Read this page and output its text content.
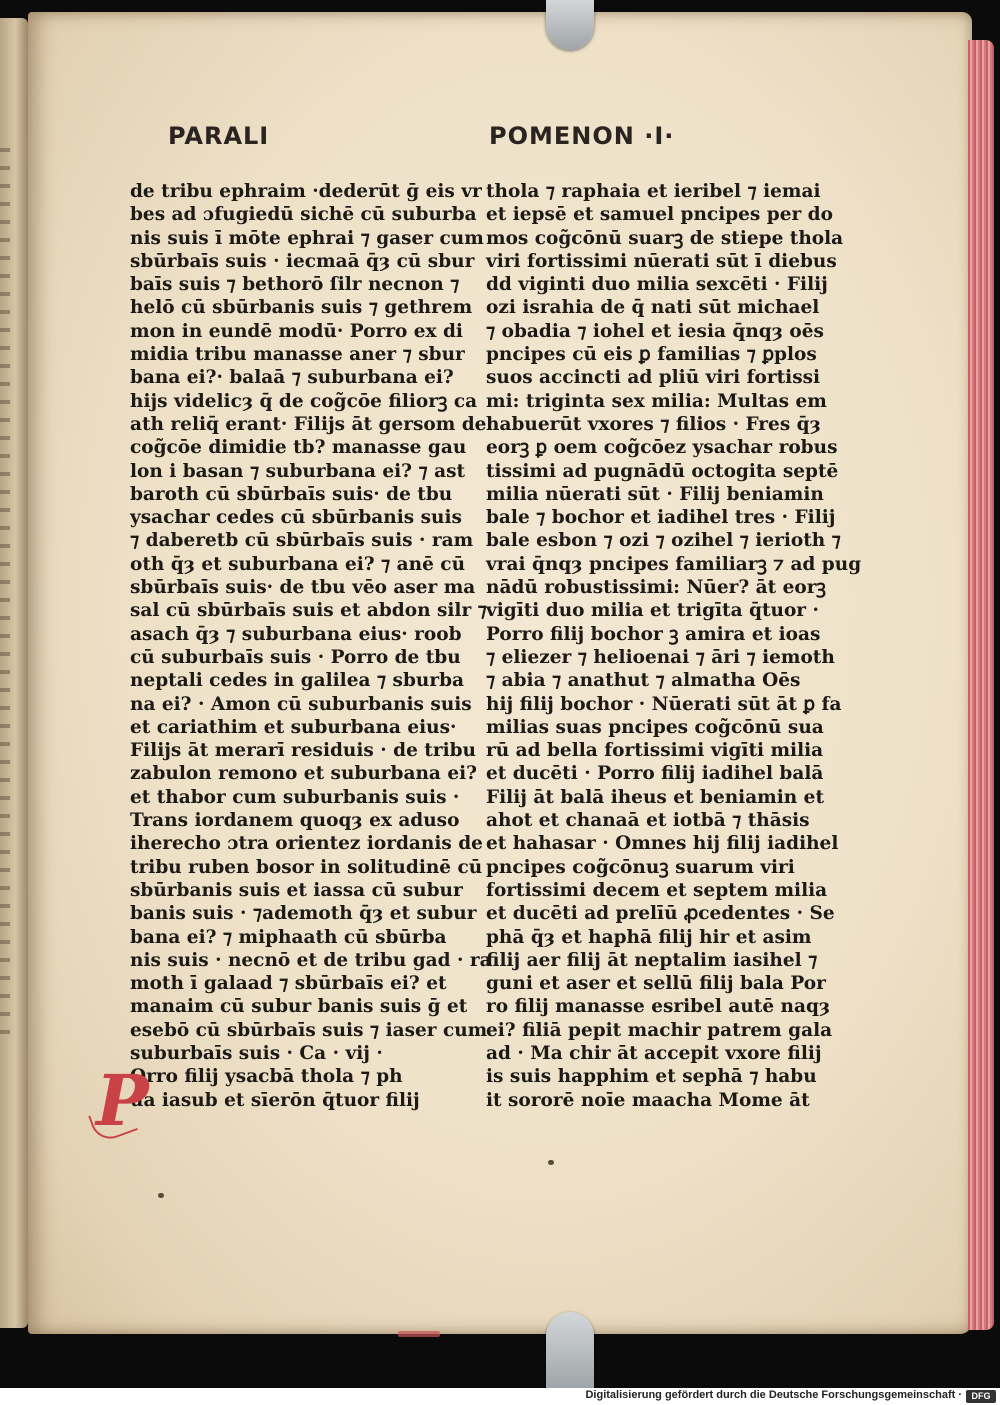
PARALI	POMENON ·I·
de tribu ephraim ·dederūt ḡ eis vr
bes ad ɔfugiedū sichē cū suburba
nis suis ī mōte ephrai ⁊ gaser cum
sbūrbaīs suis · iecmaā q̄ȝ cū sbur
baīs suis ⁊ bethorō ſilr necnon ⁊
helō cū sbūrbanis suis ⁊ gethrem
mon in eundē modū· Porro ex di
midia tribu manasse aner ⁊ sbur
bana ei?· balaā ⁊ suburbana ei?
hijs videlicȝ q̄ de cog̃cōe filiorꝫ ca
ath reliq̄ erant· Filijs āt gersom de
cog̃cōe dimidie tb? manasse gau
lon i basan ⁊ suburbana ei? ⁊ ast
baroth cū sbūrbaīs suis· de tbu
ysachar cedes cū sbūrbanis suis
⁊ daberetb cū sbūrbaīs suis · ram
oth q̄ȝ et suburbana ei? ⁊ anē cū
sbūrbaīs suis· de tbu vēo aser ma
sal cū sbūrbaīs suis et abdon silr ⁊
asach q̄ȝ ⁊ suburbana eius· roob
cū suburbaīs suis · Porro de tbu
neptali cedes in galilea ⁊ sburba
na ei? · Amon cū suburbanis suis
et cariathim et suburbana eius·
Filijs āt merarī residuis · de tribu
zabulon remono et suburbana ei?
et thabor cum suburbanis suis ·
Trans iordanem quoqȝ ex aduso
iherecho ɔtra orientez iordanis de
tribu ruben bosor in solitudinē cū
sbūrbanis suis et iassa cū subur
banis suis · ⁊ademoth q̄ȝ et subur
bana ei? ⁊ miphaath cū sbūrba
nis suis · necnō et de tribu gad · ra
moth ī galaad ⁊ sbūrbaīs ei? et
manaim cū subur banis suis ḡ et
esebō cū sbūrbaīs suis ⁊ iaser cum
suburbaīs suis · Ca · vij ·
Orro filij ysacbā thola ⁊ ph
ua iasub et sīerōn q̄tuor filij
thola ⁊ raphaia et ieribel ⁊ iemai
et iepsē et samuel pncipes per do
mos cog̃cōnū suarꝫ de stiepe thola
viri fortissimi nūerati sūt ī diebus
dd viginti duo milia sexcēti · Filij
ozi israhia de q̄ nati sūt michael
⁊ obadia ⁊ iohel et iesia q̄nqȝ oēs
pncipes cū eis ꝑ familias ⁊ ꝑplos
suos accincti ad pliū viri fortissi
mi: triginta sex milia: Multas em
habuerūt vxores ⁊ filios · Fres q̄ȝ
eorꝫ ꝑ oem cog̃cōez ysachar robus
tissimi ad pugnādū octogita septē
milia nūerati sūt · Filij beniamin
bale ⁊ bochor et iadihel tres · Filij
bale esbon ⁊ ozi ⁊ ozihel ⁊ ierioth ⁊
vrai q̄nqȝ pncipes familiarꝫ ⁊ ad pug
nādū robustissimi: Nūer? āt eorꝫ
vigīti duo milia et trigīta q̄tuor ·
Porro filij bochor ꝫ amira et ioas
⁊ eliezer ⁊ helioenai ⁊ āri ⁊ iemoth
⁊ abia ⁊ anathut ⁊ almatha Oēs
hij filij bochor · Nūerati sūt āt ꝑ fa
milias suas pncipes cog̃cōnū sua
rū ad bella fortissimi vigīti milia
et ducēti · Porro filij iadihel balā
Filij āt balā iheus et beniamin et
ahot et chanaā et iotbā ⁊ thāsis
et hahasar · Omnes hij filij iadihel
pncipes cog̃cōnuꝫ suarum viri
fortissimi decem et septem milia
et ducēti ad prelīū ꝓcedentes · Se
phā q̄ȝ et haphā filij hir et asim
filij aer filij āt neptalim iasihel ⁊
guni et aser et sellū filij bala Por
ro filij manasse esribel autē naqȝ
ei? filiā pepit machir patrem gala
ad · Ma chir āt accepit vxore filij
is suis happhim et sephā ⁊ habu
it sororē noīe maacha Mome āt
P
Digitalisierung gefördert durch die Deutsche Forschungsgemeinschaft ·	DFG
